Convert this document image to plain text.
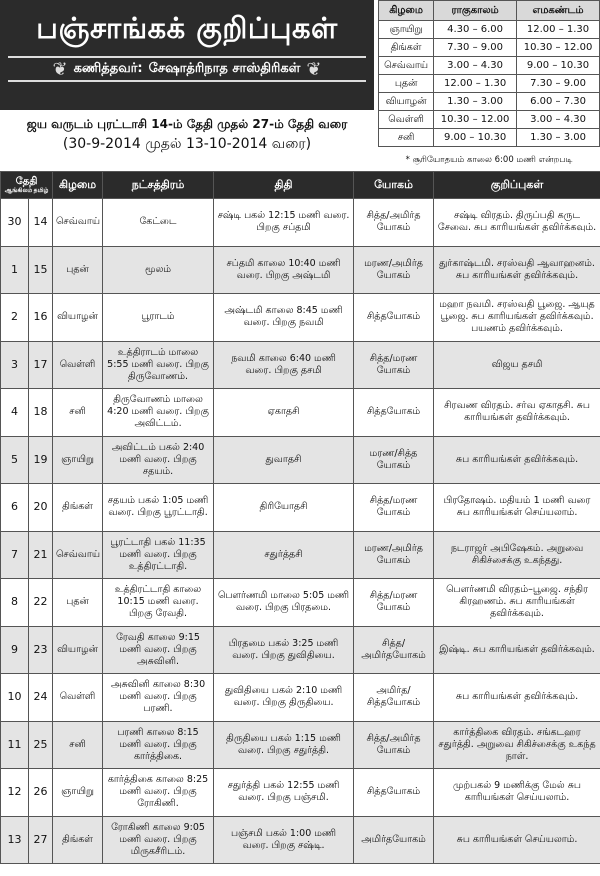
பஞ்சாங்கக் குறிப்புகள்
❦ கணித்தவர்: சேஷாத்ரிநாத சாஸ்திரிகள் ❦
ஜய வருடம் புரட்டாசி 14-ம் தேதி முதல் 27-ம் தேதி வரை
(30-9-2014 முதல் 13-10-2014 வரை)
கிழமை	ராகுகாலம்	எமகண்டம்
ஞாயிறு	4.30 – 6.00	12.00 – 1.30
திங்கள்	7.30 – 9.00	10.30 – 12.00
செவ்வாய்	3.00 – 4.30	9.00 – 10.30
புதன்	12.00 – 1.30	7.30 – 9.00
வியாழன்	1.30 – 3.00	6.00 – 7.30
வெள்ளி	10.30 – 12.00	3.00 – 4.30
சனி	9.00 – 10.30	1.30 – 3.00
* சூரியோதயம் காலை 6:00 மணி என்றபடி
தேதி
ஆங்கிலம் தமிழ்		கிழமை	நட்சத்திரம்	திதி	யோகம்	குறிப்புகள்
30	14	செவ்வாய்	கேட்டை	சஷ்டி பகல் 12:15 மணி வரை. பிறகு சப்தமி	சித்த/அமிர்த யோகம்	சஷ்டி விரதம். திருப்பதி கருட சேவை. சுப காரியங்கள் தவிர்க்கவும்.
1	15	புதன்	மூலம்	சப்தமி காலை 10:40 மணி வரை. பிறகு அஷ்டமி	மரண/அமிர்த யோகம்	துர்காஷ்டமி. சரஸ்வதி ஆவாஹனம். சுப காரியங்கள் தவிர்க்கவும்.
2	16	வியாழன்	பூராடம்	அஷ்டமி காலை 8:45 மணி வரை. பிறகு நவமி	சித்தயோகம்	மஹா நவமி. சரஸ்வதி பூஜை. ஆயுத பூஜை. சுப காரியங்கள் தவிர்க்கவும். பயணம் தவிர்க்கவும்.
3	17	வெள்ளி	உத்திராடம் மாலை 5:55 மணி வரை. பிறகு திருவோணம்.	நவமி காலை 6:40 மணி வரை. பிறகு தசமி	சித்த/மரண யோகம்	விஜய தசமி
4	18	சனி	திருவோணம் மாலை 4:20 மணி வரை. பிறகு அவிட்டம்.	ஏகாதசி	சித்தயோகம்	சிரவண விரதம். சர்வ ஏகாதசி. சுப காரியங்கள் தவிர்க்கவும்.
5	19	ஞாயிறு	அவிட்டம் பகல் 2:40 மணி வரை. பிறகு சதயம்.	துவாதசி	மரண/சித்த யோகம்	சுப காரியங்கள் தவிர்க்கவும்.
6	20	திங்கள்	சதயம் பகல் 1:05 மணி வரை. பிறகு பூரட்டாதி.	திரியோதசி	சித்த/மரண யோகம்	பிரதோஷம். மதியம் 1 மணி வரை சுப காரியங்கள் செய்யலாம்.
7	21	செவ்வாய்	பூரட்டாதி பகல் 11:35 மணி வரை. பிறகு உத்திரட்டாதி.	சதுர்த்தசி	மரண/அமிர்த யோகம்	நடராஜர் அபிஷேகம். அறுவை சிகிச்சைக்கு உகந்தது.
8	22	புதன்	உத்திரட்டாதி காலை 10:15 மணி வரை. பிறகு ரேவதி.	பௌர்ணமி மாலை 5:05 மணி வரை. பிறகு பிரதமை.	சித்த/மரண யோகம்	பௌர்ணமி விரதம்–பூஜை. சந்திர கிரஹணம். சுப காரியங்கள் தவிர்க்கவும்.
9	23	வியாழன்	ரேவதி காலை 9:15 மணி வரை. பிறகு அசுவினி.	பிரதமை பகல் 3:25 மணி வரை. பிறகு துவிதியை.	சித்த/ அமிர்தயோகம்	இஷ்டி. சுப காரியங்கள் தவிர்க்கவும்.
10	24	வெள்ளி	அசுவினி காலை 8:30 மணி வரை. பிறகு பரணி.	துவிதியை பகல் 2:10 மணி வரை. பிறகு திருதியை.	அமிர்த/ சித்தயோகம்	சுப காரியங்கள் தவிர்க்கவும்.
11	25	சனி	பரணி காலை 8:15 மணி வரை. பிறகு கார்த்திகை.	திருதியை பகல் 1:15 மணி வரை. பிறகு சதுர்த்தி.	சித்த/அமிர்த யோகம்	கார்த்திகை விரதம். சங்கடஹர சதுர்த்தி. அறுவை சிகிச்சைக்கு உகந்த நாள்.
12	26	ஞாயிறு	கார்த்திகை காலை 8:25 மணி வரை. பிறகு ரோகிணி.	சதுர்த்தி பகல் 12:55 மணி வரை. பிறகு பஞ்சமி.	சித்தயோகம்	முற்பகல் 9 மணிக்கு மேல் சுப காரியங்கள் செய்யலாம்.
13	27	திங்கள்	ரோகிணி காலை 9:05 மணி வரை. பிறகு மிருகசீரிடம்.	பஞ்சமி பகல் 1:00 மணி வரை. பிறகு சஷ்டி.	அமிர்தயோகம்	சுப காரியங்கள் செய்யலாம்.
